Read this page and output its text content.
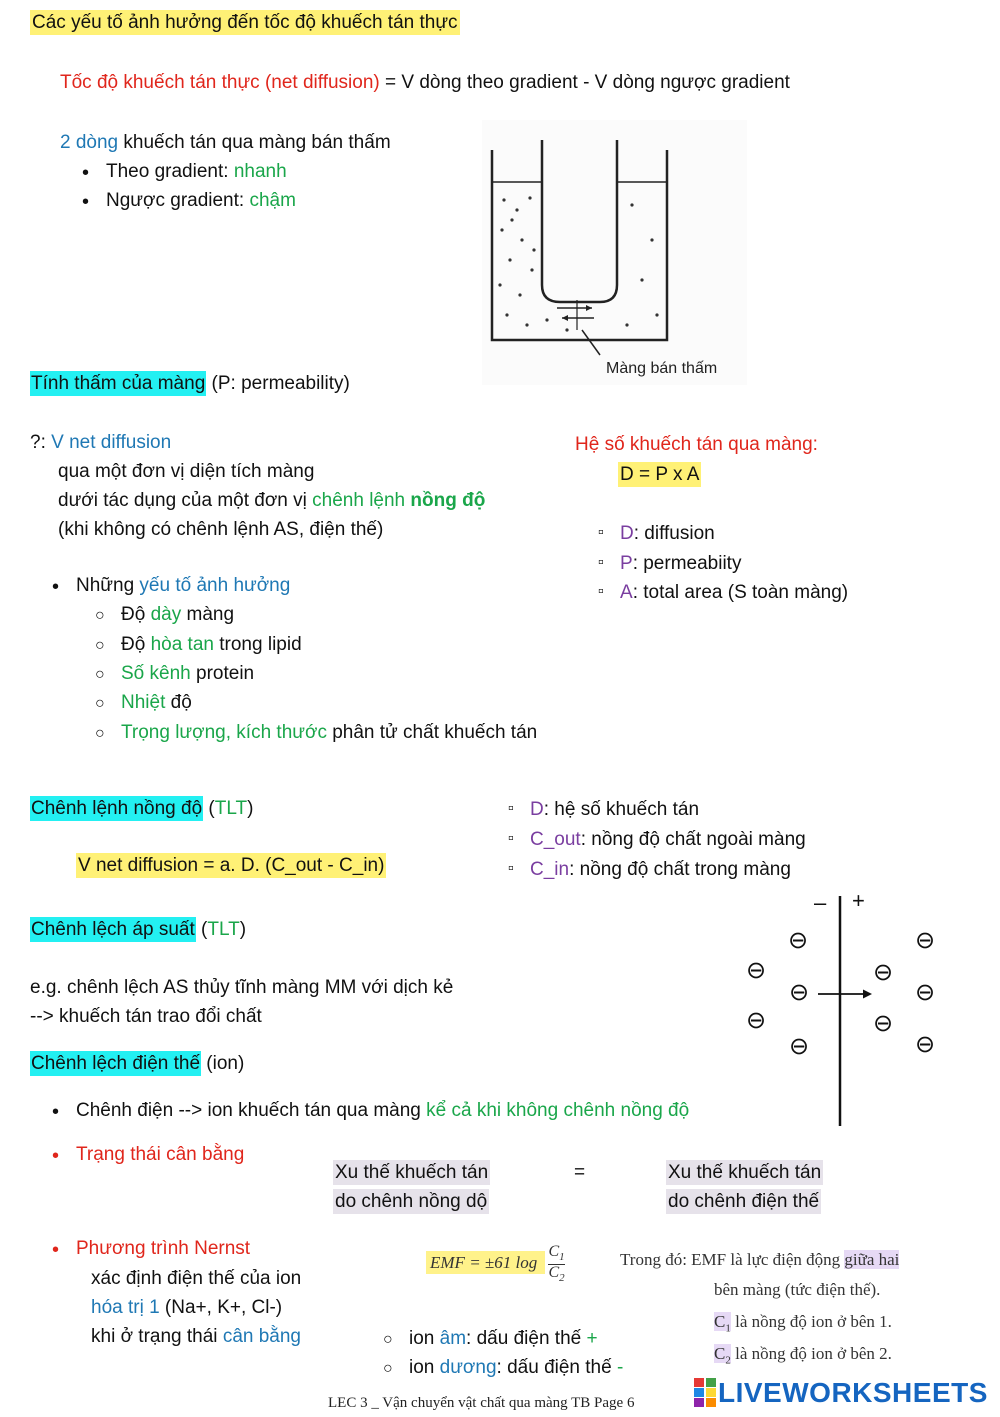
Các yếu tố ảnh hưởng đến tốc độ khuếch tán thực
Tốc độ khuếch tán thực (net diffusion) = V dòng theo gradient - V dòng ngược gradient
2 dòng khuếch tán qua màng bán thấm
• Theo gradient: nhanh
• Ngược gradient: chậm
Màng bán thấm
Tính thấm của màng (P: permeability)
?: V net diffusion
qua một đơn vị diện tích màng
dưới tác dụng của một đơn vị chênh lệnh nồng độ
(khi không có chênh lệnh AS, điện thế)
Hệ số khuếch tán qua màng:
D = P x A
▫ D: diffusion
▫ P: permeabiity
▫ A: total area (S toàn màng)
• Những yếu tố ảnh hưởng
○ Độ dày màng
○ Độ hòa tan trong lipid
○ Số kênh protein
○ Nhiệt độ
○ Trọng lượng, kích thước phân tử chất khuếch tán
Chênh lệnh nồng độ (TLT)
V net diffusion = a. D. (C_out - C_in)
▫ D: hệ số khuếch tán
▫ C_out: nồng độ chất ngoài màng
▫ C_in: nồng độ chất trong màng
Chênh lệch áp suất (TLT)
e.g. chênh lệch AS thủy tĩnh màng MM với dịch kẻ
--> khuếch tán trao đổi chất
– +
⊖
⊖
⊖
⊖
⊖
⊖
⊖
⊖
⊖
⊖
Chênh lệch điện thế (ion)
• Chênh điện --> ion khuếch tán qua màng kể cả khi không chênh nồng độ
• Trạng thái cân bằng
Xu thế khuếch tán
do chênh nồng dộ
=	Xu thế khuếch tán
do chênh điện thế
• Phương trình Nernst
xác định điện thế của ion
hóa trị 1 (Na+, K+, Cl-)
khi ở trạng thái cân bằng
○	ion âm: dấu điện thế +
○ ion dương: dấu điện thế -
EMF = ±61 $\log \frac{C_1}{C_2}$	Trong đó: EMF là lực điện động giữa hai
bên màng (tức điện thế).
$C_1$ là nồng độ ion ở bên 1.
$C_2$ là nồng độ ion ở bên 2.
LEC 3 _ Vận chuyển vật chất qua màng TB Page 6	LIVEWORKSHEETS
